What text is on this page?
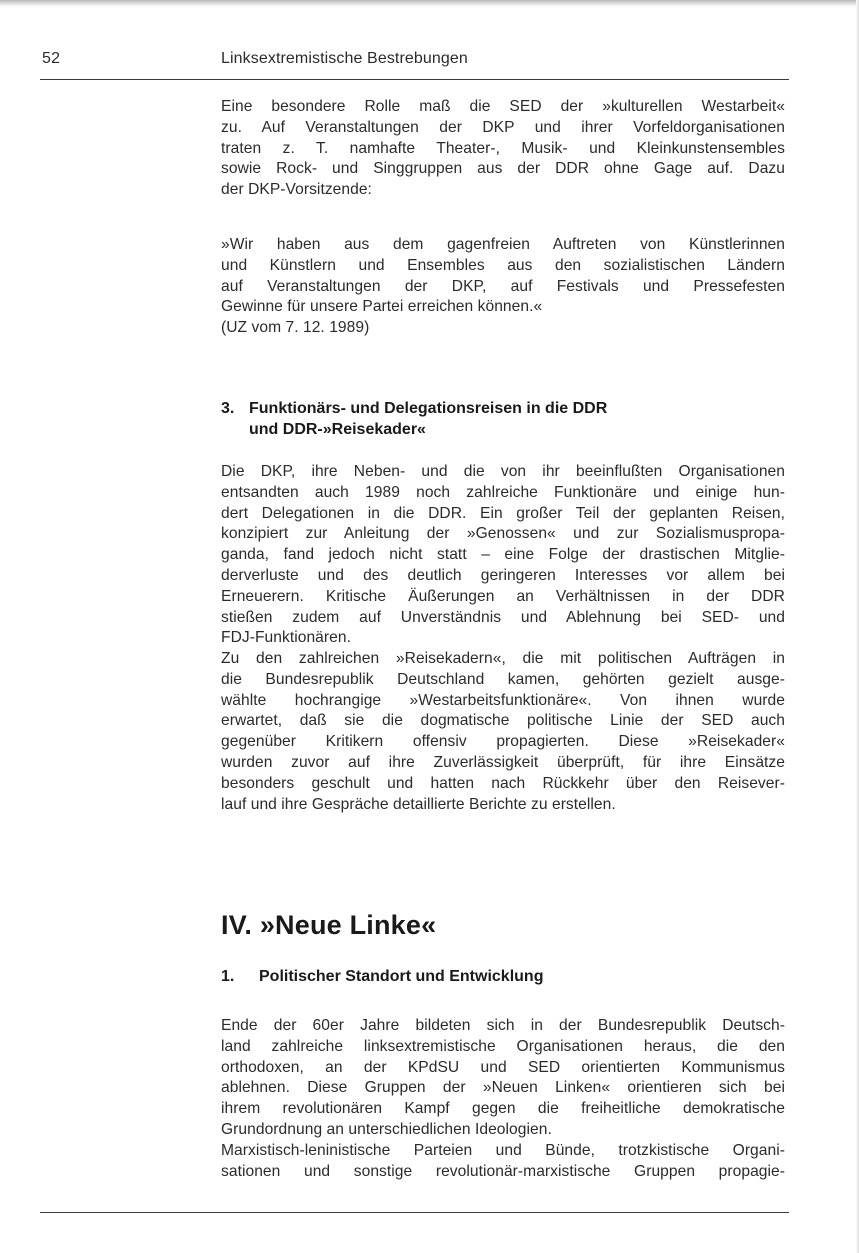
52	Linksextremistische Bestrebungen

Eine besondere Rolle maß die SED der »kulturellen Westarbeit«
zu. Auf Veranstaltungen der DKP und ihrer Vorfeldorganisationen
traten z. T. namhafte Theater-, Musik- und Kleinkunstensembles
sowie Rock- und Singgruppen aus der DDR ohne Gage auf. Dazu
der DKP-Vorsitzende:

»Wir haben aus dem gagenfreien Auftreten von Künstlerinnen
und Künstlern und Ensembles aus den sozialistischen Ländern
auf Veranstaltungen der DKP, auf Festivals und Pressefesten
Gewinne für unsere Partei erreichen können.«
(UZ vom 7. 12. 1989)

3. Funktionärs- und Delegationsreisen in die DDR
und DDR-»Reisekader«

Die DKP, ihre Neben- und die von ihr beeinflußten Organisationen
entsandten auch 1989 noch zahlreiche Funktionäre und einige hun-
dert Delegationen in die DDR. Ein großer Teil der geplanten Reisen,
konzipiert zur Anleitung der »Genossen« und zur Sozialismuspropa-
ganda, fand jedoch nicht statt – eine Folge der drastischen Mitglie-
derverluste und des deutlich geringeren Interesses vor allem bei
Erneuerern. Kritische Äußerungen an Verhältnissen in der DDR
stießen zudem auf Unverständnis und Ablehnung bei SED- und
FDJ-Funktionären.

Zu den zahlreichen »Reisekadern«, die mit politischen Aufträgen in
die Bundesrepublik Deutschland kamen, gehörten gezielt ausge-
wählte hochrangige »Westarbeitsfunktionäre«. Von ihnen wurde
erwartet, daß sie die dogmatische politische Linie der SED auch
gegenüber Kritikern offensiv propagierten. Diese »Reisekader«
wurden zuvor auf ihre Zuverlässigkeit überprüft, für ihre Einsätze
besonders geschult und hatten nach Rückkehr über den Reisever-
lauf und ihre Gespräche detaillierte Berichte zu erstellen.

IV. »Neue Linke«
1. Politischer Standort und Entwicklung

Ende der 60er Jahre bildeten sich in der Bundesrepublik Deutsch-
land zahlreiche linksextremistische Organisationen heraus, die den
orthodoxen, an der KPdSU und SED orientierten Kommunismus
ablehnen. Diese Gruppen der »Neuen Linken« orientieren sich bei
ihrem revolutionären Kampf gegen die freiheitliche demokratische
Grundordnung an unterschiedlichen Ideologien.

Marxistisch-leninistische Parteien und Bünde, trotzkistische Organi-
sationen und sonstige revolutionär-marxistische Gruppen propagie-
